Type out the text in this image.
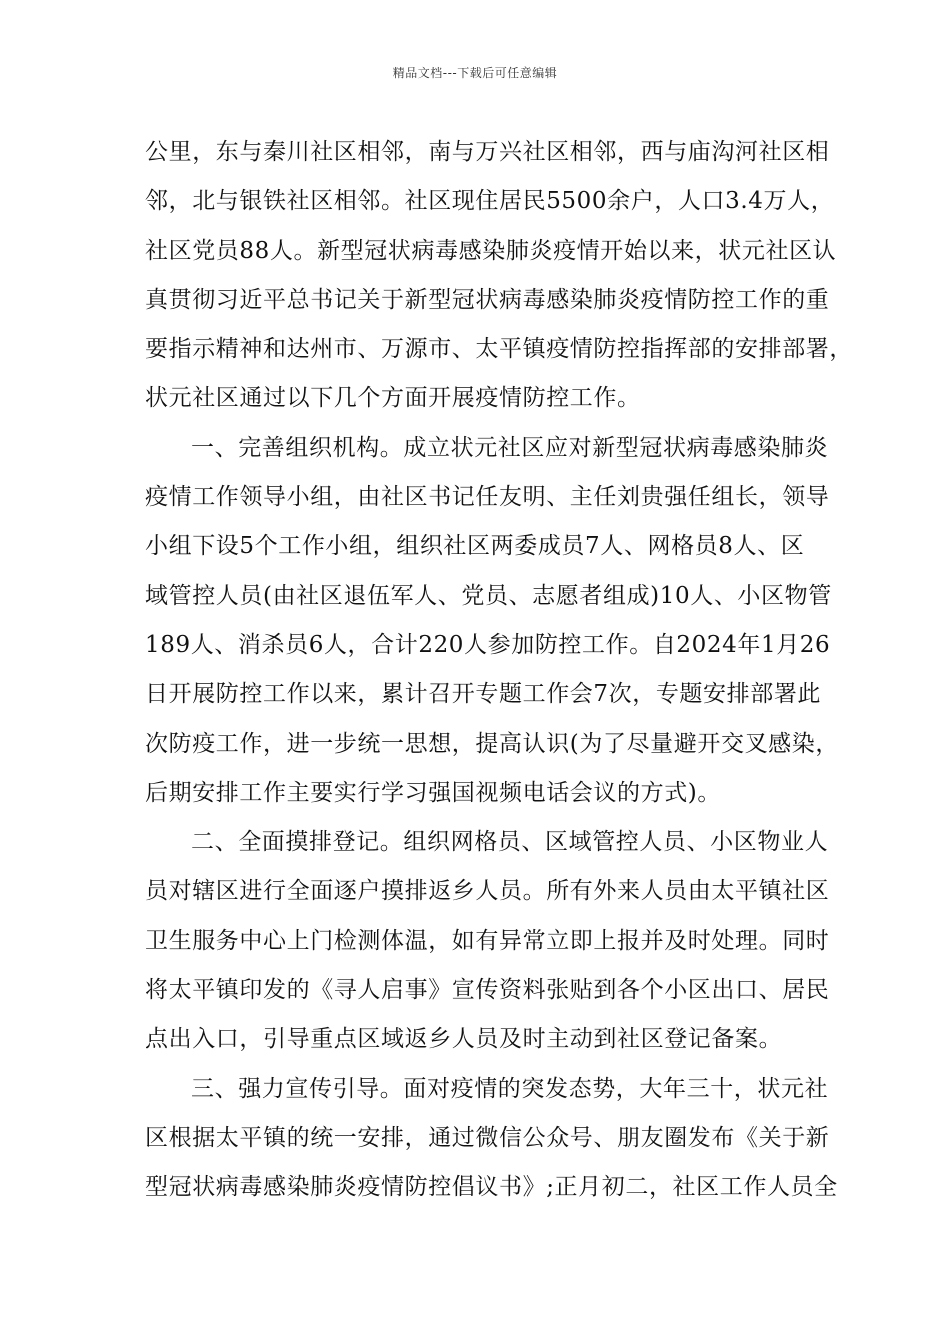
精品文档---下载后可任意编辑
公里，东与秦川社区相邻，南与万兴社区相邻，西与庙沟河社区相
邻，北与银铁社区相邻。社区现住居民5500余户，人口3.4万人，
社区党员88人。新型冠状病毒感染肺炎疫情开始以来，状元社区认
真贯彻习近平总书记关于新型冠状病毒感染肺炎疫情防控工作的重
要指示精神和达州市、万源市、太平镇疫情防控指挥部的安排部署，
状元社区通过以下几个方面开展疫情防控工作。
一、完善组织机构。成立状元社区应对新型冠状病毒感染肺炎
疫情工作领导小组，由社区书记任友明、主任刘贵强任组长，领导
小组下设5个工作小组，组织社区两委成员7人、网格员8人、区
域管控人员(由社区退伍军人、党员、志愿者组成)10人、小区物管
189人、消杀员6人，合计220人参加防控工作。自2024年1月26
日开展防控工作以来，累计召开专题工作会7次，专题安排部署此
次防疫工作，进一步统一思想，提高认识(为了尽量避开交叉感染，
后期安排工作主要实行学习强国视频电话会议的方式)。
二、全面摸排登记。组织网格员、区域管控人员、小区物业人
员对辖区进行全面逐户摸排返乡人员。所有外来人员由太平镇社区
卫生服务中心上门检测体温，如有异常立即上报并及时处理。同时
将太平镇印发的《寻人启事》宣传资料张贴到各个小区出口、居民
点出入口，引导重点区域返乡人员及时主动到社区登记备案。
三、强力宣传引导。面对疫情的突发态势，大年三十，状元社
区根据太平镇的统一安排，通过微信公众号、朋友圈发布《关于新
型冠状病毒感染肺炎疫情防控倡议书》;正月初二，社区工作人员全
